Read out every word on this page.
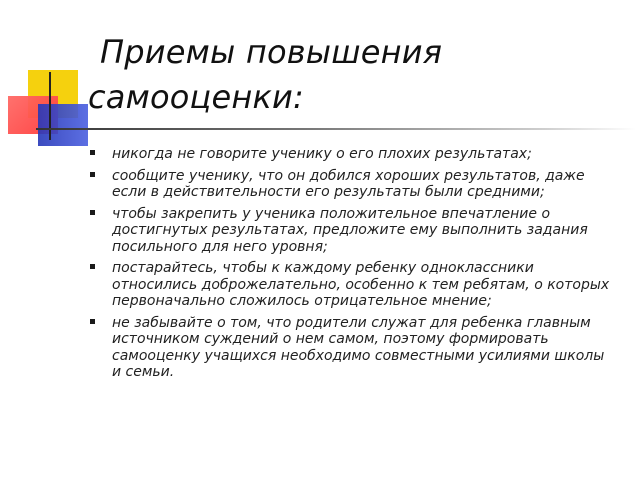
Приемы повышения
самооценки:
никогда не говорите ученику о его плохих результатах;
сообщите ученику, что он добился хороших результатов, даже если в действительности его результаты были средними;
чтобы закрепить у ученика положительное впечатление о достигнутых результатах, предложите ему выполнить задания посильного для него уровня;
постарайтесь, чтобы к каждому ребенку одноклассники относились доброжелательно, особенно к тем ребятам, о которых первоначально сложилось отрицательное мнение;
не забывайте о том, что родители служат для ребенка главным источником суждений о нем самом, поэтому формировать самооценку учащихся необходимо совместными усилиями школы и семьи.
